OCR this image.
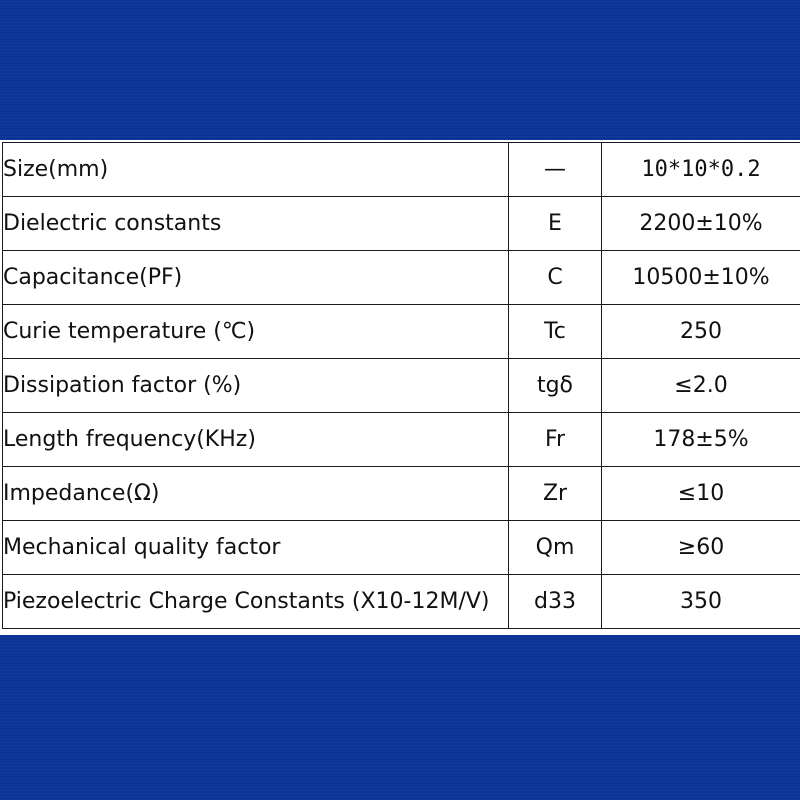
Size(mm)	—	10*10*0.2
Dielectric constants	E	2200±10%
Capacitance(PF)	C	10500±10%
Curie temperature (℃)	Tc	250
Dissipation factor (%)	tgδ	≤2.0
Length frequency(KHz)	Fr	178±5%
Impedance(Ω)	Zr	≤10
Mechanical quality factor	Qm	≥60
Piezoelectric Charge Constants (X10-12M/V)	d33	350
